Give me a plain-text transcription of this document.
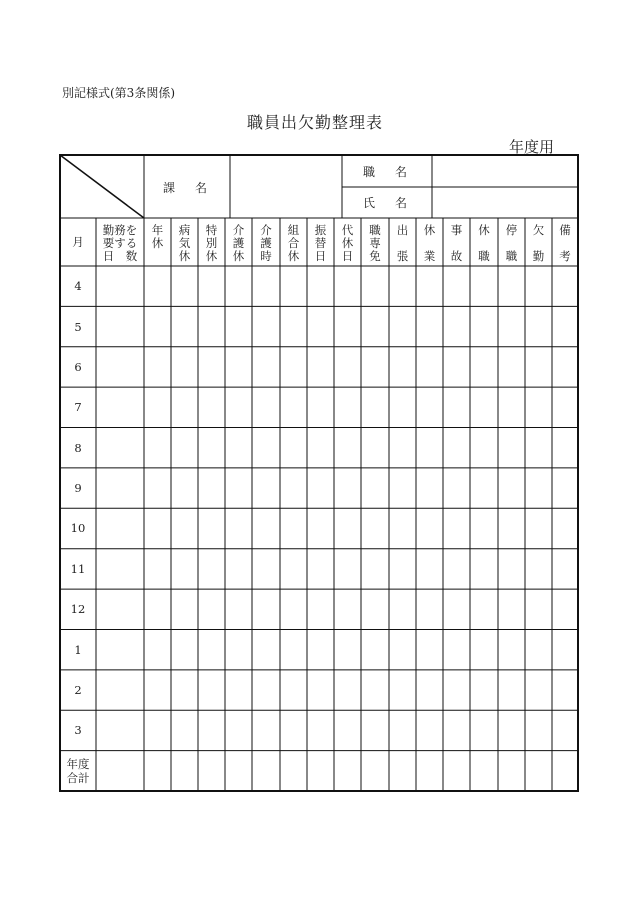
別記様式(第3条関係)
職員出欠勤整理表
年度用
課　名
職　名
氏　名
月
勤務を
要する
日　数
年
休
病
気
休
特
別
休
介
護
休
介
護
時
組
合
休
振
替
日
代
休
日
職
専
免
出

張
休

業
事

故
休

職
停

職
欠

勤
備

考
4
5
6
7
8
9
10
11
12
1
2
3
年度
合計
